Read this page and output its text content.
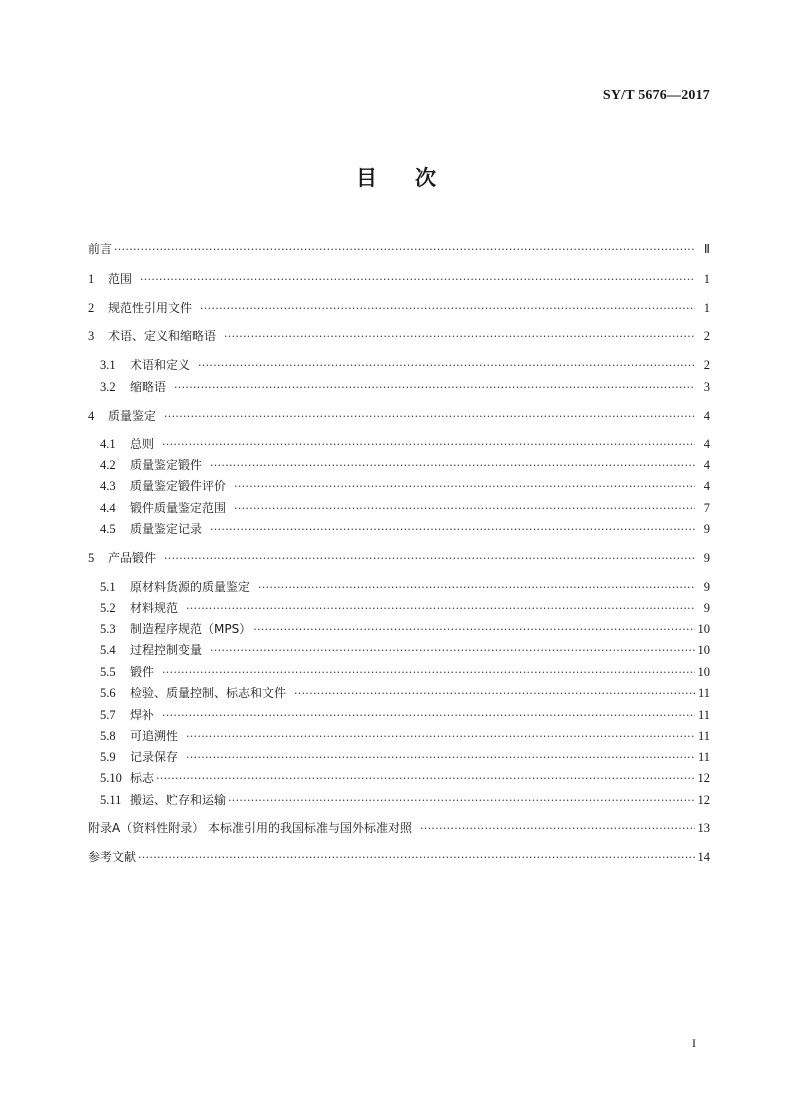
SY/T 5676—2017
目次
前言 ·····	Ⅱ
1	范围 ·····	1
2	规范性引用文件 ·····	1
3	术语、定义和缩略语 ·····	2
3.1	术语和定义 ·····	2
3.2	缩略语 ·····	3
4	质量鉴定 ·····	4
4.1	总则 ·····	4
4.2	质量鉴定锻件 ·····	4
4.3	质量鉴定锻件评价 ·····	4
4.4	锻件质量鉴定范围 ·····	7
4.5	质量鉴定记录 ·····	9
5	产品锻件 ·····	9
5.1	原材料货源的质量鉴定 ·····	9
5.2	材料规范 ·····	9
5.3	制造程序规范（MPS） ·····	10
5.4	过程控制变量 ·····	10
5.5	锻件 ·····	10
5.6	检验、质量控制、标志和文件 ·····	11
5.7	焊补 ·····	11
5.8	可追溯性 ·····	11
5.9	记录保存 ·····	11
5.10 标志 ·····	12
5.11 搬运、贮存和运输 ·····	12
附录A（资料性附录） 本标准引用的我国标准与国外标准对照 ·····	13
参考文献 ·····	14
I
